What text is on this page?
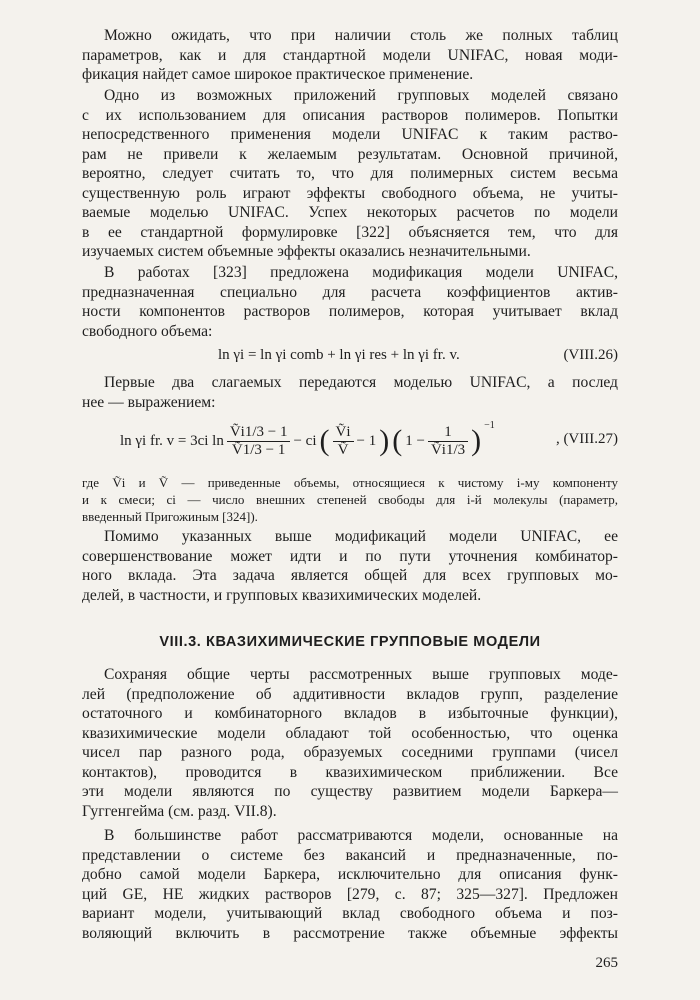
Можно ожидать, что при наличии столь же полных таблиц
параметров, как и для стандартной модели UNIFAC, новая моди-
фикация найдет самое широкое практическое применение.

Одно из возможных приложений групповых моделей связано
с их использованием для описания растворов полимеров. Попытки
непосредственного применения модели UNIFAC к таким раство-
рам не привели к желаемым результатам. Основной причиной,
вероятно, следует считать то, что для полимерных систем весьма
существенную роль играют эффекты свободного объема, не учиты-
ваемые моделью UNIFAC. Успех некоторых расчетов по модели
в ее стандартной формулировке [322] объясняется тем, что для
изучаемых систем объемные эффекты оказались незначительными.

В работах [323] предложена модификация модели UNIFAC,
предназначенная специально для расчета коэффициентов актив-
ности компонентов растворов полимеров, которая учитывает вклад
свободного объема:

ln γi = ln γi comb + ln γi res + ln γi fr. v.	(VIII.26)

Первые два слагаемых передаются моделью UNIFAC, а послед
нее — выражением:

ln γi fr. v = 3ci $\ln \frac{\text{Ṽi1/3 − 1}}{\text{Ṽ1/3 − 1}}$ − ci ( $\frac{\text{Ṽi}}{\text{Ṽ}} - 1$ ) ( $1 - \frac{1}{\text{Ṽi1/3}}$ ) $^{-1}$
, (VIII.27)

где Ṽi и Ṽ — приведенные объемы, относящиеся к чистому i-му компоненту
и к смеси; ci — число внешних степеней свободы для i-й молекулы (параметр,
введенный Пригожиным [324]).

Помимо указанных выше модификаций модели UNIFAC, ее
совершенствование может идти и по пути уточнения комбинатор-
ного вклада. Эта задача является общей для всех групповых мо-
делей, в частности, и групповых квазихимических моделей.

VIII.3. КВАЗИХИМИЧЕСКИЕ ГРУППОВЫЕ МОДЕЛИ

Сохраняя общие черты рассмотренных выше групповых моде-
лей (предположение об аддитивности вкладов групп, разделение
остаточного и комбинаторного вкладов в избыточные функции),
квазихимические модели обладают той особенностью, что оценка
чисел пар разного рода, образуемых соседними группами (чисел
контактов), проводится в квазихимическом приближении. Все
эти модели являются по существу развитием модели Баркера—
Гуггенгейма (см. разд. VII.8).

В большинстве работ рассматриваются модели, основанные на
представлении о системе без вакансий и предназначенные, по-
добно самой модели Баркера, исключительно для описания функ-
ций GE, HE жидких растворов [279, с. 87; 325—327]. Предложен
вариант модели, учитывающий вклад свободного объема и поз-
воляющий включить в рассмотрение также объемные эффекты

265
